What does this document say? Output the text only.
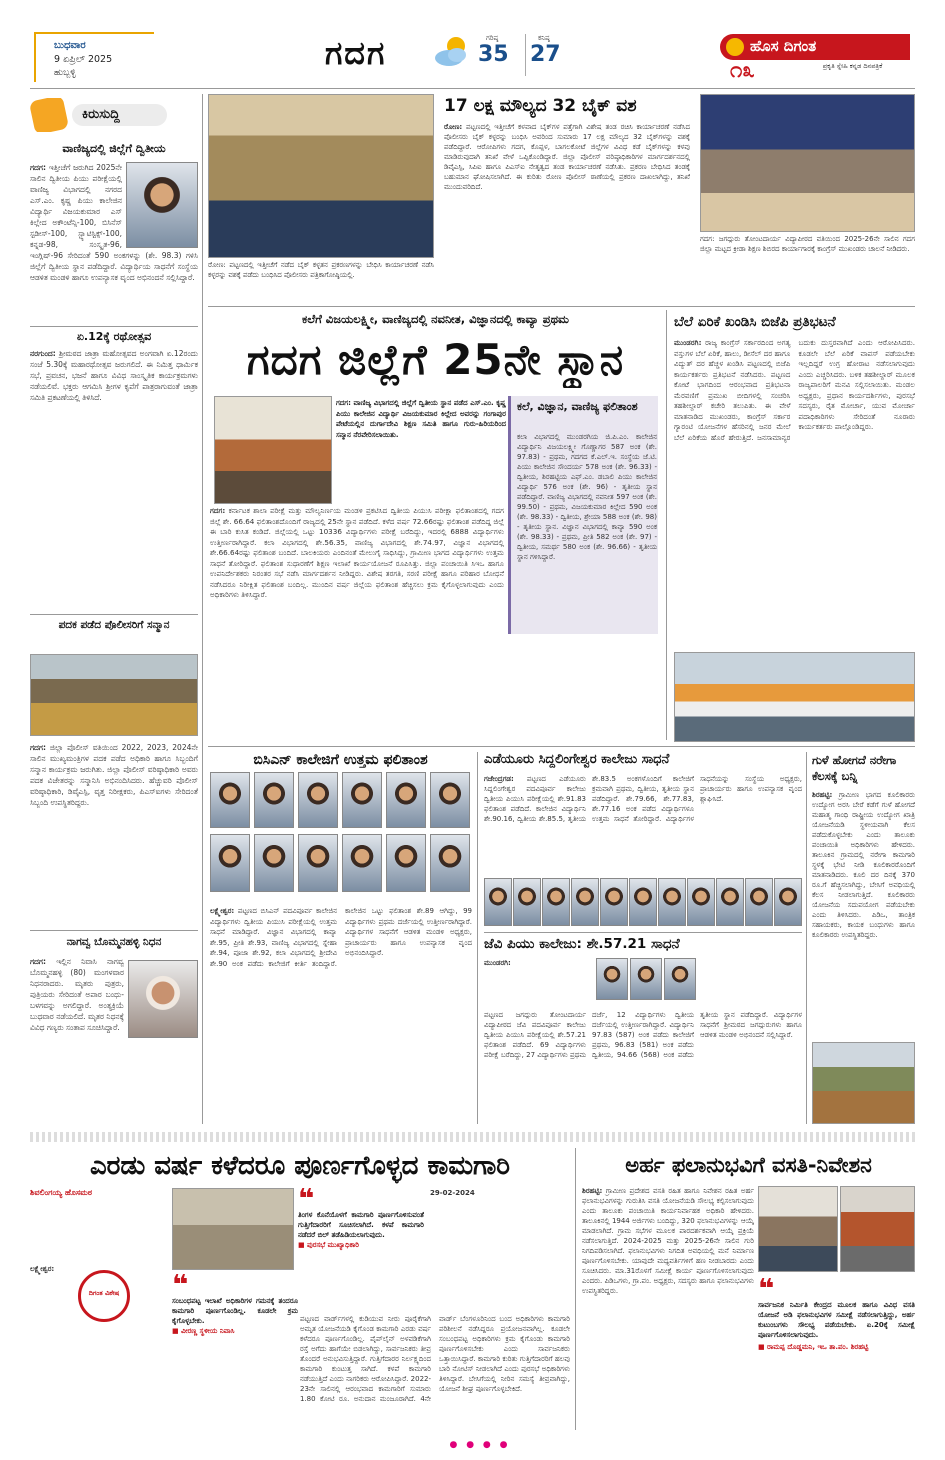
ಬುಧವಾರ
9 ಏಪ್ರಿಲ್ 2025
ಹುಬ್ಬಳ್ಳಿ
ಗದಗ	ಗರಿಷ್ಠ
35
ಕನಿಷ್ಠ
27	ಹೊಸ ದಿಗಂತ
ಪ್ರಕೃತಿ ಸ್ನೇಹಿ ಕನ್ನಡ ದಿನಪತ್ರಿಕೆ
೧೩
ಕಿರುಸುದ್ದಿ
ವಾಣಿಜ್ಯದಲ್ಲಿ ಜಿಲ್ಲೆಗೆ ದ್ವಿತೀಯ
ಗದಗ: ಇತ್ತೀಚೆಗೆ ಜರುಗಿದ 2025ನೇ ಸಾಲಿನ ದ್ವಿತೀಯ ಪಿಯು ಪರೀಕ್ಷೆಯಲ್ಲಿ ವಾಣಿಜ್ಯ ವಿಭಾಗದಲ್ಲಿ ನಗರದ ಎಸ್.ಎಂ. ಕೃಷ್ಣ ಪಿಯು ಕಾಲೇಜಿನ ವಿದ್ಯಾರ್ಥಿ ವಿಜಯಕುಮಾರ ಎಸ್ ಕಿಲ್ಲೇದ ಅಕೌಂಟೆನ್ಸಿ-100, ಬಿಸಿನೆಸ್ ಸ್ಟಡೀಸ್-100, ಸ್ಟ್ಯಾಟಿಸ್ಟಿಕ್ಸ್-100, ಕನ್ನಡ-98, ಸಂಸ್ಕೃತ-96, ಇಂಗ್ಲಿಷ್-96 ಸೇರಿದಂತೆ 590 ಅಂಕಗಳನ್ನು (ಶೇ. 98.3) ಗಳಿಸಿ ಜಿಲ್ಲೆಗೆ ದ್ವಿತೀಯ ಸ್ಥಾನ ಪಡೆದಿದ್ದಾರೆ. ವಿದ್ಯಾರ್ಥಿಯ ಸಾಧನೆಗೆ ಸಂಸ್ಥೆಯ ಆಡಳಿತ ಮಂಡಳಿ ಹಾಗೂ ಉಪನ್ಯಾಸಕ ವೃಂದ ಅಭಿನಂದನೆ ಸಲ್ಲಿಸಿದ್ದಾರೆ.
ಏ.12ಕ್ಕೆ ರಥೋತ್ಸವ
ನರಗುಂದ: ಶ್ರೀಮಠದ ಜಾತ್ರಾ ಮಹೋತ್ಸವದ ಅಂಗವಾಗಿ ಏ.12ರಂದು ಸಂಜೆ 5.30ಕ್ಕೆ ಮಹಾರಥೋತ್ಸವ ಜರುಗಲಿದೆ. ಈ ನಿಮಿತ್ತ ಧಾರ್ಮಿಕ ಸಭೆ, ಪ್ರವಚನ, ಭಜನೆ ಹಾಗೂ ವಿವಿಧ ಸಾಂಸ್ಕೃತಿಕ ಕಾರ್ಯಕ್ರಮಗಳು ನಡೆಯಲಿವೆ. ಭಕ್ತರು ಆಗಮಿಸಿ ಶ್ರೀಗಳ ಕೃಪೆಗೆ ಪಾತ್ರರಾಗುವಂತೆ ಜಾತ್ರಾ ಸಮಿತಿ ಪ್ರಕಟಣೆಯಲ್ಲಿ ತಿಳಿಸಿದೆ.
ಪದಕ ಪಡೆದ ಪೊಲೀಸರಿಗೆ ಸನ್ಮಾನ
ಗದಗ: ಜಿಲ್ಲಾ ಪೊಲೀಸ್ ವತಿಯಿಂದ 2022, 2023, 2024ನೇ ಸಾಲಿನ ಮುಖ್ಯಮಂತ್ರಿಗಳ ಪದಕ ಪಡೆದ ಅಧಿಕಾರಿ ಹಾಗೂ ಸಿಬ್ಬಂದಿಗೆ ಸನ್ಮಾನ ಕಾರ್ಯಕ್ರಮ ಜರುಗಿತು. ಜಿಲ್ಲಾ ಪೊಲೀಸ್ ವರಿಷ್ಠಾಧಿಕಾರಿ ಅವರು ಪದಕ ವಿಜೇತರನ್ನು ಸನ್ಮಾನಿಸಿ ಅಭಿನಂದಿಸಿದರು. ಹೆಚ್ಚುವರಿ ಪೊಲೀಸ್ ವರಿಷ್ಠಾಧಿಕಾರಿ, ಡಿವೈಎಸ್ಪಿ, ವೃತ್ತ ನಿರೀಕ್ಷಕರು, ಪಿಎಸ್ಐಗಳು ಸೇರಿದಂತೆ ಸಿಬ್ಬಂದಿ ಉಪಸ್ಥಿತರಿದ್ದರು.
ನಾಗವ್ವ ಬೊಮ್ಮನಹಳ್ಳಿ ನಿಧನ
ಗದಗ: ಇಲ್ಲಿನ ನಿವಾಸಿ ನಾಗವ್ವ ಬೊಮ್ಮನಹಳ್ಳಿ (80) ಮಂಗಳವಾರ ನಿಧನರಾದರು. ಮೃತರು ಪುತ್ರರು, ಪುತ್ರಿಯರು ಸೇರಿದಂತೆ ಅಪಾರ ಬಂಧು-ಬಳಗವನ್ನು ಅಗಲಿದ್ದಾರೆ. ಅಂತ್ಯಕ್ರಿಯೆ ಬುಧವಾರ ನಡೆಯಲಿದೆ. ಮೃತರ ನಿಧನಕ್ಕೆ ವಿವಿಧ ಗಣ್ಯರು ಸಂತಾಪ ಸೂಚಿಸಿದ್ದಾರೆ.
ರೋಣ: ಪಟ್ಟಣದಲ್ಲಿ ಇತ್ತೀಚೆಗೆ ನಡೆದ ಬೈಕ್ ಕಳ್ಳತನ ಪ್ರಕರಣಗಳನ್ನು ಬೇಧಿಸಿ ಕಾರ್ಯಾಚರಣೆ ನಡೆಸಿ ಕಳ್ಳರನ್ನು ವಶಕ್ಕೆ ಪಡೆದು ಬಂಧಿಸಿದ ಪೊಲೀಸರು ಪತ್ರಿಕಾಗೋಷ್ಠಿಯಲ್ಲಿ.
17 ಲಕ್ಷ ಮೌಲ್ಯದ 32 ಬೈಕ್ ವಶ
ರೋಣ: ಪಟ್ಟಣದಲ್ಲಿ ಇತ್ತೀಚೆಗೆ ಕಳವಾದ ಬೈಕ್‌ಗಳ ಪತ್ತೆಗಾಗಿ ವಿಶೇಷ ತಂಡ ರಚಿಸಿ ಕಾರ್ಯಾಚರಣೆ ನಡೆಸಿದ ಪೊಲೀಸರು ಬೈಕ್ ಕಳ್ಳರನ್ನು ಬಂಧಿಸಿ ಅವರಿಂದ ಸುಮಾರು 17 ಲಕ್ಷ ಮೌಲ್ಯದ 32 ಬೈಕ್‌ಗಳನ್ನು ವಶಕ್ಕೆ ಪಡೆದಿದ್ದಾರೆ. ಆರೋಪಿಗಳು ಗದಗ, ಕೊಪ್ಪಳ, ಬಾಗಲಕೋಟೆ ಜಿಲ್ಲೆಗಳ ವಿವಿಧ ಕಡೆ ಬೈಕ್‌ಗಳನ್ನು ಕಳವು ಮಾಡಿರುವುದಾಗಿ ತನಿಖೆ ವೇಳೆ ಒಪ್ಪಿಕೊಂಡಿದ್ದಾರೆ. ಜಿಲ್ಲಾ ಪೊಲೀಸ್ ವರಿಷ್ಠಾಧಿಕಾರಿಗಳ ಮಾರ್ಗದರ್ಶನದಲ್ಲಿ ಡಿವೈಎಸ್ಪಿ, ಸಿಪಿಐ ಹಾಗೂ ಪಿಎಸ್ಐ ನೇತೃತ್ವದ ತಂಡ ಕಾರ್ಯಾಚರಣೆ ನಡೆಸಿತು. ಪ್ರಕರಣ ಬೇಧಿಸಿದ ತಂಡಕ್ಕೆ ಬಹುಮಾನ ಘೋಷಿಸಲಾಗಿದೆ. ಈ ಕುರಿತು ರೋಣ ಪೊಲೀಸ್ ಠಾಣೆಯಲ್ಲಿ ಪ್ರಕರಣ ದಾಖಲಾಗಿದ್ದು, ತನಿಖೆ ಮುಂದುವರಿದಿದೆ.
ಗದಗ: ಜಗದ್ಗುರು ತೋಂಟದಾರ್ಯ ವಿದ್ಯಾಪೀಠದ ವತಿಯಿಂದ 2025-26ನೇ ಸಾಲಿನ ಗದಗ ಜಿಲ್ಲಾ ಮಟ್ಟದ ಕ್ರೀಡಾ ಶಿಕ್ಷಣ ಶಿಬಿರದ ಕಾರ್ಯಾಗಾರಕ್ಕೆ ಕಾಂಗ್ರೆಸ್ ಮುಖಂಡರು ಚಾಲನೆ ನೀಡಿದರು.
ಕಲೆಗೆ ವಿಜಯಲಕ್ಷ್ಮೀ, ವಾಣಿಜ್ಯದಲ್ಲಿ ನವನೀತ, ವಿಜ್ಞಾನದಲ್ಲಿ ಕಾವ್ಯಾ ಪ್ರಥಮ
ಗದಗ ಜಿಲ್ಲೆಗೆ 25ನೇ ಸ್ಥಾನ
ಗದಗ: ವಾಣಿಜ್ಯ ವಿಭಾಗದಲ್ಲಿ ಜಿಲ್ಲೆಗೆ ದ್ವಿತೀಯ ಸ್ಥಾನ ಪಡೆದ ಎಸ್.ಎಂ. ಕೃಷ್ಣ ಪಿಯು ಕಾಲೇಜಿನ ವಿದ್ಯಾರ್ಥಿ ವಿಜಯಕುಮಾರ ಕಿಲ್ಲೇದ ಅವರನ್ನು ಗಂಗಾಪುರ ಪೇಟೆಯಲ್ಲಿನ ದುರ್ಗಾದೇವಿ ಶಿಕ್ಷಣ ಸಮಿತಿ ಹಾಗೂ ಗುರು-ಹಿರಿಯರಿಂದ ಸನ್ಮಾನ ನೆರವೇರಿಸಲಾಯಿತು.
ಕಲೆ, ವಿಜ್ಞಾನ, ವಾಣಿಜ್ಯ ಫಲಿತಾಂಶ
ಕಲಾ ವಿಭಾಗದಲ್ಲಿ ಮುಂಡರಗಿಯ ಜಿ.ಪಿ.ಎಂ. ಕಾಲೇಜಿನ ವಿದ್ಯಾರ್ಥಿನಿ ವಿಜಯಲಕ್ಷ್ಮೀ ಗೊಣ್ಣಾಗರ 587 ಅಂಕ (ಶೇ. 97.83) - ಪ್ರಥಮ, ಗದಗದ ಕೆ.ಎಲ್.ಇ. ಸಂಸ್ಥೆಯ ಜೆ.ಟಿ. ಪಿಯು ಕಾಲೇಜಿನ ಸೌಂದರ್ಯ 578 ಅಂಕ (ಶೇ. 96.33) - ದ್ವಿತೀಯ, ಶಿರಹಟ್ಟಿಯ ಎಫ್.ಎಂ. ಡಬಾಲಿ ಪಿಯು ಕಾಲೇಜಿನ ವಿದ್ಯಾರ್ಥಿ 576 ಅಂಕ (ಶೇ. 96) - ತೃತೀಯ ಸ್ಥಾನ ಪಡೆದಿದ್ದಾರೆ. ವಾಣಿಜ್ಯ ವಿಭಾಗದಲ್ಲಿ ನವನೀತ 597 ಅಂಕ (ಶೇ. 99.50) - ಪ್ರಥಮ, ವಿಜಯಕುಮಾರ ಕಿಲ್ಲೇದ 590 ಅಂಕ (ಶೇ. 98.33) - ದ್ವಿತೀಯ, ಶ್ರೇಯಾ 588 ಅಂಕ (ಶೇ. 98) - ತೃತೀಯ ಸ್ಥಾನ. ವಿಜ್ಞಾನ ವಿಭಾಗದಲ್ಲಿ ಕಾವ್ಯಾ 590 ಅಂಕ (ಶೇ. 98.33) - ಪ್ರಥಮ, ಪ್ರೀತಿ 582 ಅಂಕ (ಶೇ. 97) - ದ್ವಿತೀಯ, ಸಮರ್ಥ 580 ಅಂಕ (ಶೇ. 96.66) - ತೃತೀಯ ಸ್ಥಾನ ಗಳಿಸಿದ್ದಾರೆ.
ಗದಗ: ಕರ್ನಾಟಕ ಶಾಲಾ ಪರೀಕ್ಷೆ ಮತ್ತು ಮೌಲ್ಯನಿರ್ಣಯ ಮಂಡಳಿ ಪ್ರಕಟಿಸಿದ ದ್ವಿತೀಯ ಪಿಯುಸಿ ಪರೀಕ್ಷಾ ಫಲಿತಾಂಶದಲ್ಲಿ ಗದಗ ಜಿಲ್ಲೆ ಶೇ. 66.64 ಫಲಿತಾಂಶದೊಂದಿಗೆ ರಾಜ್ಯದಲ್ಲಿ 25ನೇ ಸ್ಥಾನ ಪಡೆದಿದೆ. ಕಳೆದ ವರ್ಷ 72.66ರಷ್ಟು ಫಲಿತಾಂಶ ಪಡೆದಿದ್ದ ಜಿಲ್ಲೆ ಈ ಬಾರಿ ಕುಸಿತ ಕಂಡಿದೆ. ಜಿಲ್ಲೆಯಲ್ಲಿ ಒಟ್ಟು 10336 ವಿದ್ಯಾರ್ಥಿಗಳು ಪರೀಕ್ಷೆ ಬರೆದಿದ್ದು, ಇದರಲ್ಲಿ 6888 ವಿದ್ಯಾರ್ಥಿಗಳು ಉತ್ತೀರ್ಣರಾಗಿದ್ದಾರೆ. ಕಲಾ ವಿಭಾಗದಲ್ಲಿ ಶೇ.56.35, ವಾಣಿಜ್ಯ ವಿಭಾಗದಲ್ಲಿ ಶೇ.74.97, ವಿಜ್ಞಾನ ವಿಭಾಗದಲ್ಲಿ ಶೇ.66.64ರಷ್ಟು ಫಲಿತಾಂಶ ಬಂದಿದೆ. ಬಾಲಕಿಯರು ಎಂದಿನಂತೆ ಮೇಲುಗೈ ಸಾಧಿಸಿದ್ದು, ಗ್ರಾಮೀಣ ಭಾಗದ ವಿದ್ಯಾರ್ಥಿಗಳು ಉತ್ತಮ ಸಾಧನೆ ತೋರಿದ್ದಾರೆ. ಫಲಿತಾಂಶ ಸುಧಾರಣೆಗೆ ಶಿಕ್ಷಣ ಇಲಾಖೆ ಕಾರ್ಯಯೋಜನೆ ರೂಪಿಸಿತ್ತು. ಜಿಲ್ಲಾ ಪಂಚಾಯಿತಿ ಸಿಇಒ ಹಾಗೂ ಉಪನಿರ್ದೇಶಕರು ನಿರಂತರ ಸಭೆ ನಡೆಸಿ ಮಾರ್ಗದರ್ಶನ ನೀಡಿದ್ದರು. ವಿಶೇಷ ತರಗತಿ, ಸರಣಿ ಪರೀಕ್ಷೆ ಹಾಗೂ ಪರಿಹಾರ ಬೋಧನೆ ನಡೆಸಿದರೂ ನಿರೀಕ್ಷಿತ ಫಲಿತಾಂಶ ಬಂದಿಲ್ಲ. ಮುಂದಿನ ವರ್ಷ ಜಿಲ್ಲೆಯ ಫಲಿತಾಂಶ ಹೆಚ್ಚಿಸಲು ಕ್ರಮ ಕೈಗೊಳ್ಳಲಾಗುವುದು ಎಂದು ಅಧಿಕಾರಿಗಳು ತಿಳಿಸಿದ್ದಾರೆ.
ಬೆಲೆ ಏರಿಕೆ ಖಂಡಿಸಿ ಬಿಜೆಪಿ ಪ್ರತಿಭಟನೆ
ಮುಂಡರಗಿ: ರಾಜ್ಯ ಕಾಂಗ್ರೆಸ್ ಸರ್ಕಾರದಿಂದ ಅಗತ್ಯ ವಸ್ತುಗಳ ಬೆಲೆ ಏರಿಕೆ, ಹಾಲು, ಡೀಸೆಲ್ ದರ ಹಾಗೂ ವಿದ್ಯುತ್ ದರ ಹೆಚ್ಚಳ ಖಂಡಿಸಿ ಪಟ್ಟಣದಲ್ಲಿ ಬಿಜೆಪಿ ಕಾರ್ಯಕರ್ತರು ಪ್ರತಿಭಟನೆ ನಡೆಸಿದರು. ಪಟ್ಟಣದ ಕೋಟೆ ಭಾಗದಿಂದ ಆರಂಭವಾದ ಪ್ರತಿಭಟನಾ ಮೆರವಣಿಗೆ ಪ್ರಮುಖ ಬೀದಿಗಳಲ್ಲಿ ಸಂಚರಿಸಿ ತಹಶೀಲ್ದಾರ್ ಕಚೇರಿ ತಲುಪಿತು. ಈ ವೇಳೆ ಮಾತನಾಡಿದ ಮುಖಂಡರು, ಕಾಂಗ್ರೆಸ್ ಸರ್ಕಾರ ಗ್ಯಾರಂಟಿ ಯೋಜನೆಗಳ ಹೆಸರಿನಲ್ಲಿ ಜನರ ಮೇಲೆ ಬೆಲೆ ಏರಿಕೆಯ ಹೊರೆ ಹೇರುತ್ತಿದೆ. ಜನಸಾಮಾನ್ಯರ ಬದುಕು ದುಸ್ತರವಾಗಿದೆ ಎಂದು ಆರೋಪಿಸಿದರು. ಕೂಡಲೇ ಬೆಲೆ ಏರಿಕೆ ವಾಪಸ್ ಪಡೆಯಬೇಕು ಇಲ್ಲದಿದ್ದರೆ ಉಗ್ರ ಹೋರಾಟ ನಡೆಸಲಾಗುವುದು ಎಂದು ಎಚ್ಚರಿಸಿದರು. ಬಳಿಕ ತಹಶೀಲ್ದಾರ್ ಮೂಲಕ ರಾಜ್ಯಪಾಲರಿಗೆ ಮನವಿ ಸಲ್ಲಿಸಲಾಯಿತು. ಮಂಡಲ ಅಧ್ಯಕ್ಷರು, ಪ್ರಧಾನ ಕಾರ್ಯದರ್ಶಿಗಳು, ಪುರಸಭೆ ಸದಸ್ಯರು, ರೈತ ಮೋರ್ಚಾ, ಯುವ ಮೋರ್ಚಾ ಪದಾಧಿಕಾರಿಗಳು ಸೇರಿದಂತೆ ನೂರಾರು ಕಾರ್ಯಕರ್ತರು ಪಾಲ್ಗೊಂಡಿದ್ದರು.
ಬಿಸಿಎನ್ ಕಾಲೇಜಿಗೆ ಉತ್ತಮ ಫಲಿತಾಂಶ
ಲಕ್ಷ್ಮೇಶ್ವರ: ಪಟ್ಟಣದ ಬಿಸಿಎನ್ ಪದವಿಪೂರ್ವ ಕಾಲೇಜಿನ ವಿದ್ಯಾರ್ಥಿಗಳು ದ್ವಿತೀಯ ಪಿಯುಸಿ ಪರೀಕ್ಷೆಯಲ್ಲಿ ಉತ್ತಮ ಸಾಧನೆ ಮಾಡಿದ್ದಾರೆ. ವಿಜ್ಞಾನ ವಿಭಾಗದಲ್ಲಿ ಕಾವ್ಯಾ ಶೇ.95, ಪ್ರೀತಿ ಶೇ.93, ವಾಣಿಜ್ಯ ವಿಭಾಗದಲ್ಲಿ ಸ್ನೇಹಾ ಶೇ.94, ಪೂಜಾ ಶೇ.92, ಕಲಾ ವಿಭಾಗದಲ್ಲಿ ಶ್ರೀದೇವಿ ಶೇ.90 ಅಂಕ ಪಡೆದು ಕಾಲೇಜಿಗೆ ಕೀರ್ತಿ ತಂದಿದ್ದಾರೆ. ಕಾಲೇಜಿನ ಒಟ್ಟು ಫಲಿತಾಂಶ ಶೇ.89 ಆಗಿದ್ದು, 99 ವಿದ್ಯಾರ್ಥಿಗಳು ಪ್ರಥಮ ದರ್ಜೆಯಲ್ಲಿ ಉತ್ತೀರ್ಣರಾಗಿದ್ದಾರೆ. ವಿದ್ಯಾರ್ಥಿಗಳ ಸಾಧನೆಗೆ ಆಡಳಿತ ಮಂಡಳಿ ಅಧ್ಯಕ್ಷರು, ಪ್ರಾಚಾರ್ಯರು ಹಾಗೂ ಉಪನ್ಯಾಸಕ ವೃಂದ ಅಭಿನಂದಿಸಿದ್ದಾರೆ.
ಎಡೆಯೂರು ಸಿದ್ದಲಿಂಗೇಶ್ವರ ಕಾಲೇಜು ಸಾಧನೆ
ಗಜೇಂದ್ರಗಡ: ಪಟ್ಟಣದ ಎಡೆಯೂರು ಸಿದ್ದಲಿಂಗೇಶ್ವರ ಪದವಿಪೂರ್ವ ಕಾಲೇಜು ದ್ವಿತೀಯ ಪಿಯುಸಿ ಪರೀಕ್ಷೆಯಲ್ಲಿ ಶೇ.91.83 ಫಲಿತಾಂಶ ಪಡೆದಿದೆ. ಕಾಲೇಜಿನ ವಿದ್ಯಾರ್ಥಿನಿ ಶೇ.90.16, ದ್ವಿತೀಯ ಶೇ.85.5, ತೃತೀಯ ಶೇ.83.5 ಅಂಕಗಳೊಂದಿಗೆ ಕಾಲೇಜಿಗೆ ಕ್ರಮವಾಗಿ ಪ್ರಥಮ, ದ್ವಿತೀಯ, ತೃತೀಯ ಸ್ಥಾನ ಪಡೆದಿದ್ದಾರೆ. ಶೇ.79.66, ಶೇ.77.83, ಶೇ.77.16 ಅಂಕ ಪಡೆದ ವಿದ್ಯಾರ್ಥಿಗಳೂ ಉತ್ತಮ ಸಾಧನೆ ತೋರಿದ್ದಾರೆ. ವಿದ್ಯಾರ್ಥಿಗಳ ಸಾಧನೆಯನ್ನು ಸಂಸ್ಥೆಯ ಅಧ್ಯಕ್ಷರು, ಪ್ರಾಚಾರ್ಯರು ಹಾಗೂ ಉಪನ್ಯಾಸಕ ವೃಂದ ಶ್ಲಾಘಿಸಿದೆ.
ಜೆವಿ ಪಿಯು ಕಾಲೇಜು: ಶೇ.57.21 ಸಾಧನೆ
ಮುಂಡರಗಿ:
ಪಟ್ಟಣದ ಜಗದ್ಗುರು ತೋಂಟದಾರ್ಯ ವಿದ್ಯಾಪೀಠದ ಜೆವಿ ಪದವಿಪೂರ್ವ ಕಾಲೇಜು ದ್ವಿತೀಯ ಪಿಯುಸಿ ಪರೀಕ್ಷೆಯಲ್ಲಿ ಶೇ.57.21 ಫಲಿತಾಂಶ ಪಡೆದಿದೆ. 69 ವಿದ್ಯಾರ್ಥಿಗಳು ಪರೀಕ್ಷೆ ಬರೆದಿದ್ದು, 27 ವಿದ್ಯಾರ್ಥಿಗಳು ಪ್ರಥಮ ದರ್ಜೆ, 12 ವಿದ್ಯಾರ್ಥಿಗಳು ದ್ವಿತೀಯ ದರ್ಜೆಯಲ್ಲಿ ಉತ್ತೀರ್ಣರಾಗಿದ್ದಾರೆ. ವಿದ್ಯಾರ್ಥಿನಿ 97.83 (587) ಅಂಕ ಪಡೆದು ಕಾಲೇಜಿಗೆ ಪ್ರಥಮ, 96.83 (581) ಅಂಕ ಪಡೆದು ದ್ವಿತೀಯ, 94.66 (568) ಅಂಕ ಪಡೆದು ತೃತೀಯ ಸ್ಥಾನ ಪಡೆದಿದ್ದಾರೆ. ವಿದ್ಯಾರ್ಥಿಗಳ ಸಾಧನೆಗೆ ಶ್ರೀಮಠದ ಜಗದ್ಗುರುಗಳು ಹಾಗೂ ಆಡಳಿತ ಮಂಡಳಿ ಅಭಿನಂದನೆ ಸಲ್ಲಿಸಿದ್ದಾರೆ.
ಗುಳೆ ಹೋಗದೆ ನರೇಗಾ ಕೆಲಸಕ್ಕೆ ಬನ್ನಿ
ಶಿರಹಟ್ಟಿ: ಗ್ರಾಮೀಣ ಭಾಗದ ಕೂಲಿಕಾರರು ಉದ್ಯೋಗ ಅರಸಿ ಬೇರೆ ಕಡೆಗೆ ಗುಳೆ ಹೋಗದೆ ಮಹಾತ್ಮ ಗಾಂಧಿ ರಾಷ್ಟ್ರೀಯ ಉದ್ಯೋಗ ಖಾತ್ರಿ ಯೋಜನೆಯಡಿ ಸ್ಥಳೀಯವಾಗಿ ಕೆಲಸ ಪಡೆದುಕೊಳ್ಳಬೇಕು ಎಂದು ತಾಲೂಕು ಪಂಚಾಯಿತಿ ಅಧಿಕಾರಿಗಳು ಹೇಳಿದರು. ತಾಲೂಕಿನ ಗ್ರಾಮದಲ್ಲಿ ನರೇಗಾ ಕಾಮಗಾರಿ ಸ್ಥಳಕ್ಕೆ ಭೇಟಿ ನೀಡಿ ಕೂಲಿಕಾರರೊಂದಿಗೆ ಮಾತನಾಡಿದರು. ಕೂಲಿ ದರ ದಿನಕ್ಕೆ 370 ರೂ.ಗೆ ಹೆಚ್ಚಿಸಲಾಗಿದ್ದು, ಬೇಸಿಗೆ ಅವಧಿಯಲ್ಲಿ ಕೆಲಸ ನೀಡಲಾಗುತ್ತಿದೆ. ಕೂಲಿಕಾರರು ಯೋಜನೆಯ ಸದುಪಯೋಗ ಪಡೆಯಬೇಕು ಎಂದು ತಿಳಿಸಿದರು. ಪಿಡಿಒ, ತಾಂತ್ರಿಕ ಸಹಾಯಕರು, ಕಾಯಕ ಬಂಧುಗಳು ಹಾಗೂ ಕೂಲಿಕಾರರು ಉಪಸ್ಥಿತರಿದ್ದರು.
ಎರಡು ವರ್ಷ ಕಳೆದರೂ ಪೂರ್ಣಗೊಳ್ಳದ ಕಾಮಗಾರಿ
ಶಿವಲಿಂಗಯ್ಯ ಹೊಸಮಠ
ಲಕ್ಷ್ಮೇಶ್ವರ:
ದಿಗಂತ ವಿಶೇಷ
❝
ತಿಂಗಳ ಕೊನೆಯೊಳಗೆ ಕಾಮಗಾರಿ ಪೂರ್ಣಗೊಳಿಸುವಂತೆ ಗುತ್ತಿಗೆದಾರರಿಗೆ ಸೂಚಿಸಲಾಗಿದೆ. ಕಳಪೆ ಕಾಮಗಾರಿ ನಡೆದರೆ ಬಿಲ್ ತಡೆಹಿಡಿಯಲಾಗುವುದು.
■ ಪುರಸಭೆ ಮುಖ್ಯಾಧಿಕಾರಿ
❝
ಸಂಬಂಧಪಟ್ಟ ಇಲಾಖೆ ಅಧಿಕಾರಿಗಳ ಗಮನಕ್ಕೆ ತಂದರೂ ಕಾಮಗಾರಿ ಪೂರ್ಣಗೊಂಡಿಲ್ಲ. ಕೂಡಲೇ ಕ್ರಮ ಕೈಗೊಳ್ಳಬೇಕು.
■ ವೀರಣ್ಣ ಸ್ಥಳೀಯ ನಿವಾಸಿ
ಪಟ್ಟಣದ ವಾರ್ಡ್‌ಗಳಲ್ಲಿ ಕುಡಿಯುವ ನೀರು ಪೂರೈಕೆಗಾಗಿ ಅಮೃತ ಯೋಜನೆಯಡಿ ಕೈಗೊಂಡ ಕಾಮಗಾರಿ ಎರಡು ವರ್ಷ ಕಳೆದರೂ ಪೂರ್ಣಗೊಂಡಿಲ್ಲ. ಪೈಪ್‌ಲೈನ್ ಅಳವಡಿಕೆಗಾಗಿ ರಸ್ತೆ ಅಗೆದು ಹಾಗೆಯೇ ಬಿಡಲಾಗಿದ್ದು, ಸಾರ್ವಜನಿಕರು ತೀವ್ರ ತೊಂದರೆ ಅನುಭವಿಸುತ್ತಿದ್ದಾರೆ. ಗುತ್ತಿಗೆದಾರರ ನಿರ್ಲಕ್ಷ್ಯದಿಂದ ಕಾಮಗಾರಿ ಕುಂಟುತ್ತ ಸಾಗಿದೆ. ಕಳಪೆ ಕಾಮಗಾರಿ ನಡೆಯುತ್ತಿದೆ ಎಂದು ನಾಗರಿಕರು ಆರೋಪಿಸಿದ್ದಾರೆ. 2022-23ನೇ ಸಾಲಿನಲ್ಲಿ ಆರಂಭವಾದ ಕಾಮಗಾರಿಗೆ ಸುಮಾರು 1.80 ಕೋಟಿ ರೂ. ಅನುದಾನ ಮಂಜೂರಾಗಿದೆ. 4ನೇ ವಾರ್ಡ್ ಬೆಂಗಳೂರಿನಿಂದ ಬಂದ ಅಧಿಕಾರಿಗಳು ಕಾಮಗಾರಿ ಪರಿಶೀಲನೆ ನಡೆಸಿದ್ದರೂ ಪ್ರಯೋಜನವಾಗಿಲ್ಲ. ಕೂಡಲೇ ಸಂಬಂಧಪಟ್ಟ ಅಧಿಕಾರಿಗಳು ಕ್ರಮ ಕೈಗೊಂಡು ಕಾಮಗಾರಿ ಪೂರ್ಣಗೊಳಿಸಬೇಕು ಎಂದು ಸಾರ್ವಜನಿಕರು ಒತ್ತಾಯಿಸಿದ್ದಾರೆ. ಕಾಮಗಾರಿ ಕುರಿತು ಗುತ್ತಿಗೆದಾರರಿಗೆ ಹಲವು ಬಾರಿ ನೋಟಿಸ್ ನೀಡಲಾಗಿದೆ ಎಂದು ಪುರಸಭೆ ಅಧಿಕಾರಿಗಳು ತಿಳಿಸಿದ್ದಾರೆ. ಬೇಸಿಗೆಯಲ್ಲಿ ನೀರಿನ ಸಮಸ್ಯೆ ತೀವ್ರವಾಗಿದ್ದು, ಯೋಜನೆ ಶೀಘ್ರ ಪೂರ್ಣಗೊಳ್ಳಬೇಕಿದೆ.
29-02-2024
ಅರ್ಹ ಫಲಾನುಭವಿಗೆ ವಸತಿ-ನಿವೇಶನ
ಶಿರಹಟ್ಟಿ: ಗ್ರಾಮೀಣ ಪ್ರದೇಶದ ವಸತಿ ರಹಿತ ಹಾಗೂ ನಿವೇಶನ ರಹಿತ ಅರ್ಹ ಫಲಾನುಭವಿಗಳನ್ನು ಗುರುತಿಸಿ ವಸತಿ ಯೋಜನೆಯಡಿ ಸೌಲಭ್ಯ ಕಲ್ಪಿಸಲಾಗುವುದು ಎಂದು ತಾಲೂಕು ಪಂಚಾಯಿತಿ ಕಾರ್ಯನಿರ್ವಾಹಕ ಅಧಿಕಾರಿ ಹೇಳಿದರು. ತಾಲೂಕಿನಲ್ಲಿ 1944 ಅರ್ಜಿಗಳು ಬಂದಿದ್ದು, 320 ಫಲಾನುಭವಿಗಳನ್ನು ಆಯ್ಕೆ ಮಾಡಲಾಗಿದೆ. ಗ್ರಾಮ ಸಭೆಗಳ ಮೂಲಕ ಪಾರದರ್ಶಕವಾಗಿ ಆಯ್ಕೆ ಪ್ರಕ್ರಿಯೆ ನಡೆಸಲಾಗುತ್ತಿದೆ. 2024-2025 ಮತ್ತು 2025-26ನೇ ಸಾಲಿನ ಗುರಿ ನಿಗದಿಪಡಿಸಲಾಗಿದೆ. ಫಲಾನುಭವಿಗಳು ನಿಗದಿತ ಅವಧಿಯಲ್ಲಿ ಮನೆ ನಿರ್ಮಾಣ ಪೂರ್ಣಗೊಳಿಸಬೇಕು. ಯಾವುದೇ ಮಧ್ಯವರ್ತಿಗಳಿಗೆ ಹಣ ನೀಡಬಾರದು ಎಂದು ಸೂಚಿಸಿದರು. ಮಾ.31ರೊಳಗೆ ಸಮೀಕ್ಷೆ ಕಾರ್ಯ ಪೂರ್ಣಗೊಳಿಸಲಾಗುವುದು ಎಂದರು. ಪಿಡಿಒಗಳು, ಗ್ರಾ.ಪಂ. ಅಧ್ಯಕ್ಷರು, ಸದಸ್ಯರು ಹಾಗೂ ಫಲಾನುಭವಿಗಳು ಉಪಸ್ಥಿತರಿದ್ದರು.	❝
ಸಾರ್ವಜನಿಕ ನಿರ್ಮಿತಿ ಕೇಂದ್ರದ ಮೂಲಕ ಹಾಗೂ ವಿವಿಧ ವಸತಿ ಯೋಜನೆ ಅಡಿ ಫಲಾನುಭವಿಗಳ ಸಮೀಕ್ಷೆ ನಡೆಸಲಾಗುತ್ತಿದ್ದು, ಅರ್ಹ ಕುಟುಂಬಗಳು ಸೌಲಭ್ಯ ಪಡೆಯಬೇಕು. ಏ.20ಕ್ಕೆ ಸಮೀಕ್ಷೆ ಪೂರ್ಣಗೊಳಿಸಲಾಗುವುದು.
■ ರಾಮಪ್ಪ ದೊಡ್ಡಮನಿ, ಇಒ ತಾ.ಪಂ. ಶಿರಹಟ್ಟಿ
● ● ● ●
